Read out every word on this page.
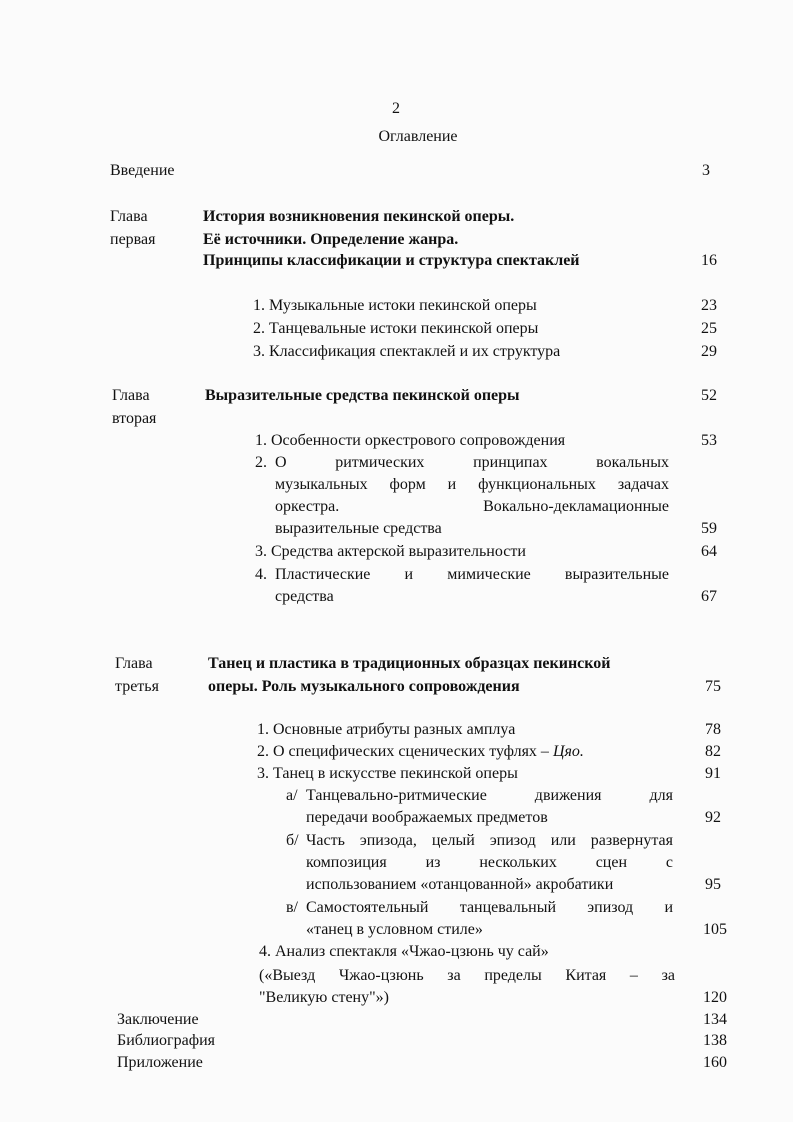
2
Оглавление
Введение	3
Глава
первая
История возникновения пекинской оперы.
Её источники. Определение жанра.
Принципы классификации и структура спектаклей	16
1. Музыкальные истоки пекинской оперы	23
2. Танцевальные истоки пекинской оперы	25
3. Классификация спектаклей и их структура	29
Глава
вторая
Выразительные средства пекинской оперы	52
1. Особенности оркестрового сопровождения	53
2. О ритмических принципах вокальных
музыкальных форм и функциональных задачах
оркестра. Вокально-декламационные
выразительные средства	59
3. Средства актерской выразительности	64
4. Пластические и мимические выразительные
средства	67
Глава
третья
Танец и пластика в традиционных образцах пекинской
оперы. Роль музыкального сопровождения	75
1. Основные атрибуты разных амплуа	78
2. О специфических сценических туфлях – Цяо.	82
3. Танец в искусстве пекинской оперы	91
а/ Танцевально-ритмические движения для
передачи воображаемых предметов	92
б/ Часть эпизода, целый эпизод или развернутая
композиция из нескольких сцен с
использованием «отанцованной» акробатики	95
в/ Самостоятельный танцевальный эпизод и
«танец в условном стиле»	105
4. Анализ спектакля «Чжао-цзюнь чу сай»
(«Выезд Чжао-цзюнь за пределы Китая – за
"Великую стену"»)	120
Заключение	134
Библиография	138
Приложение	160
